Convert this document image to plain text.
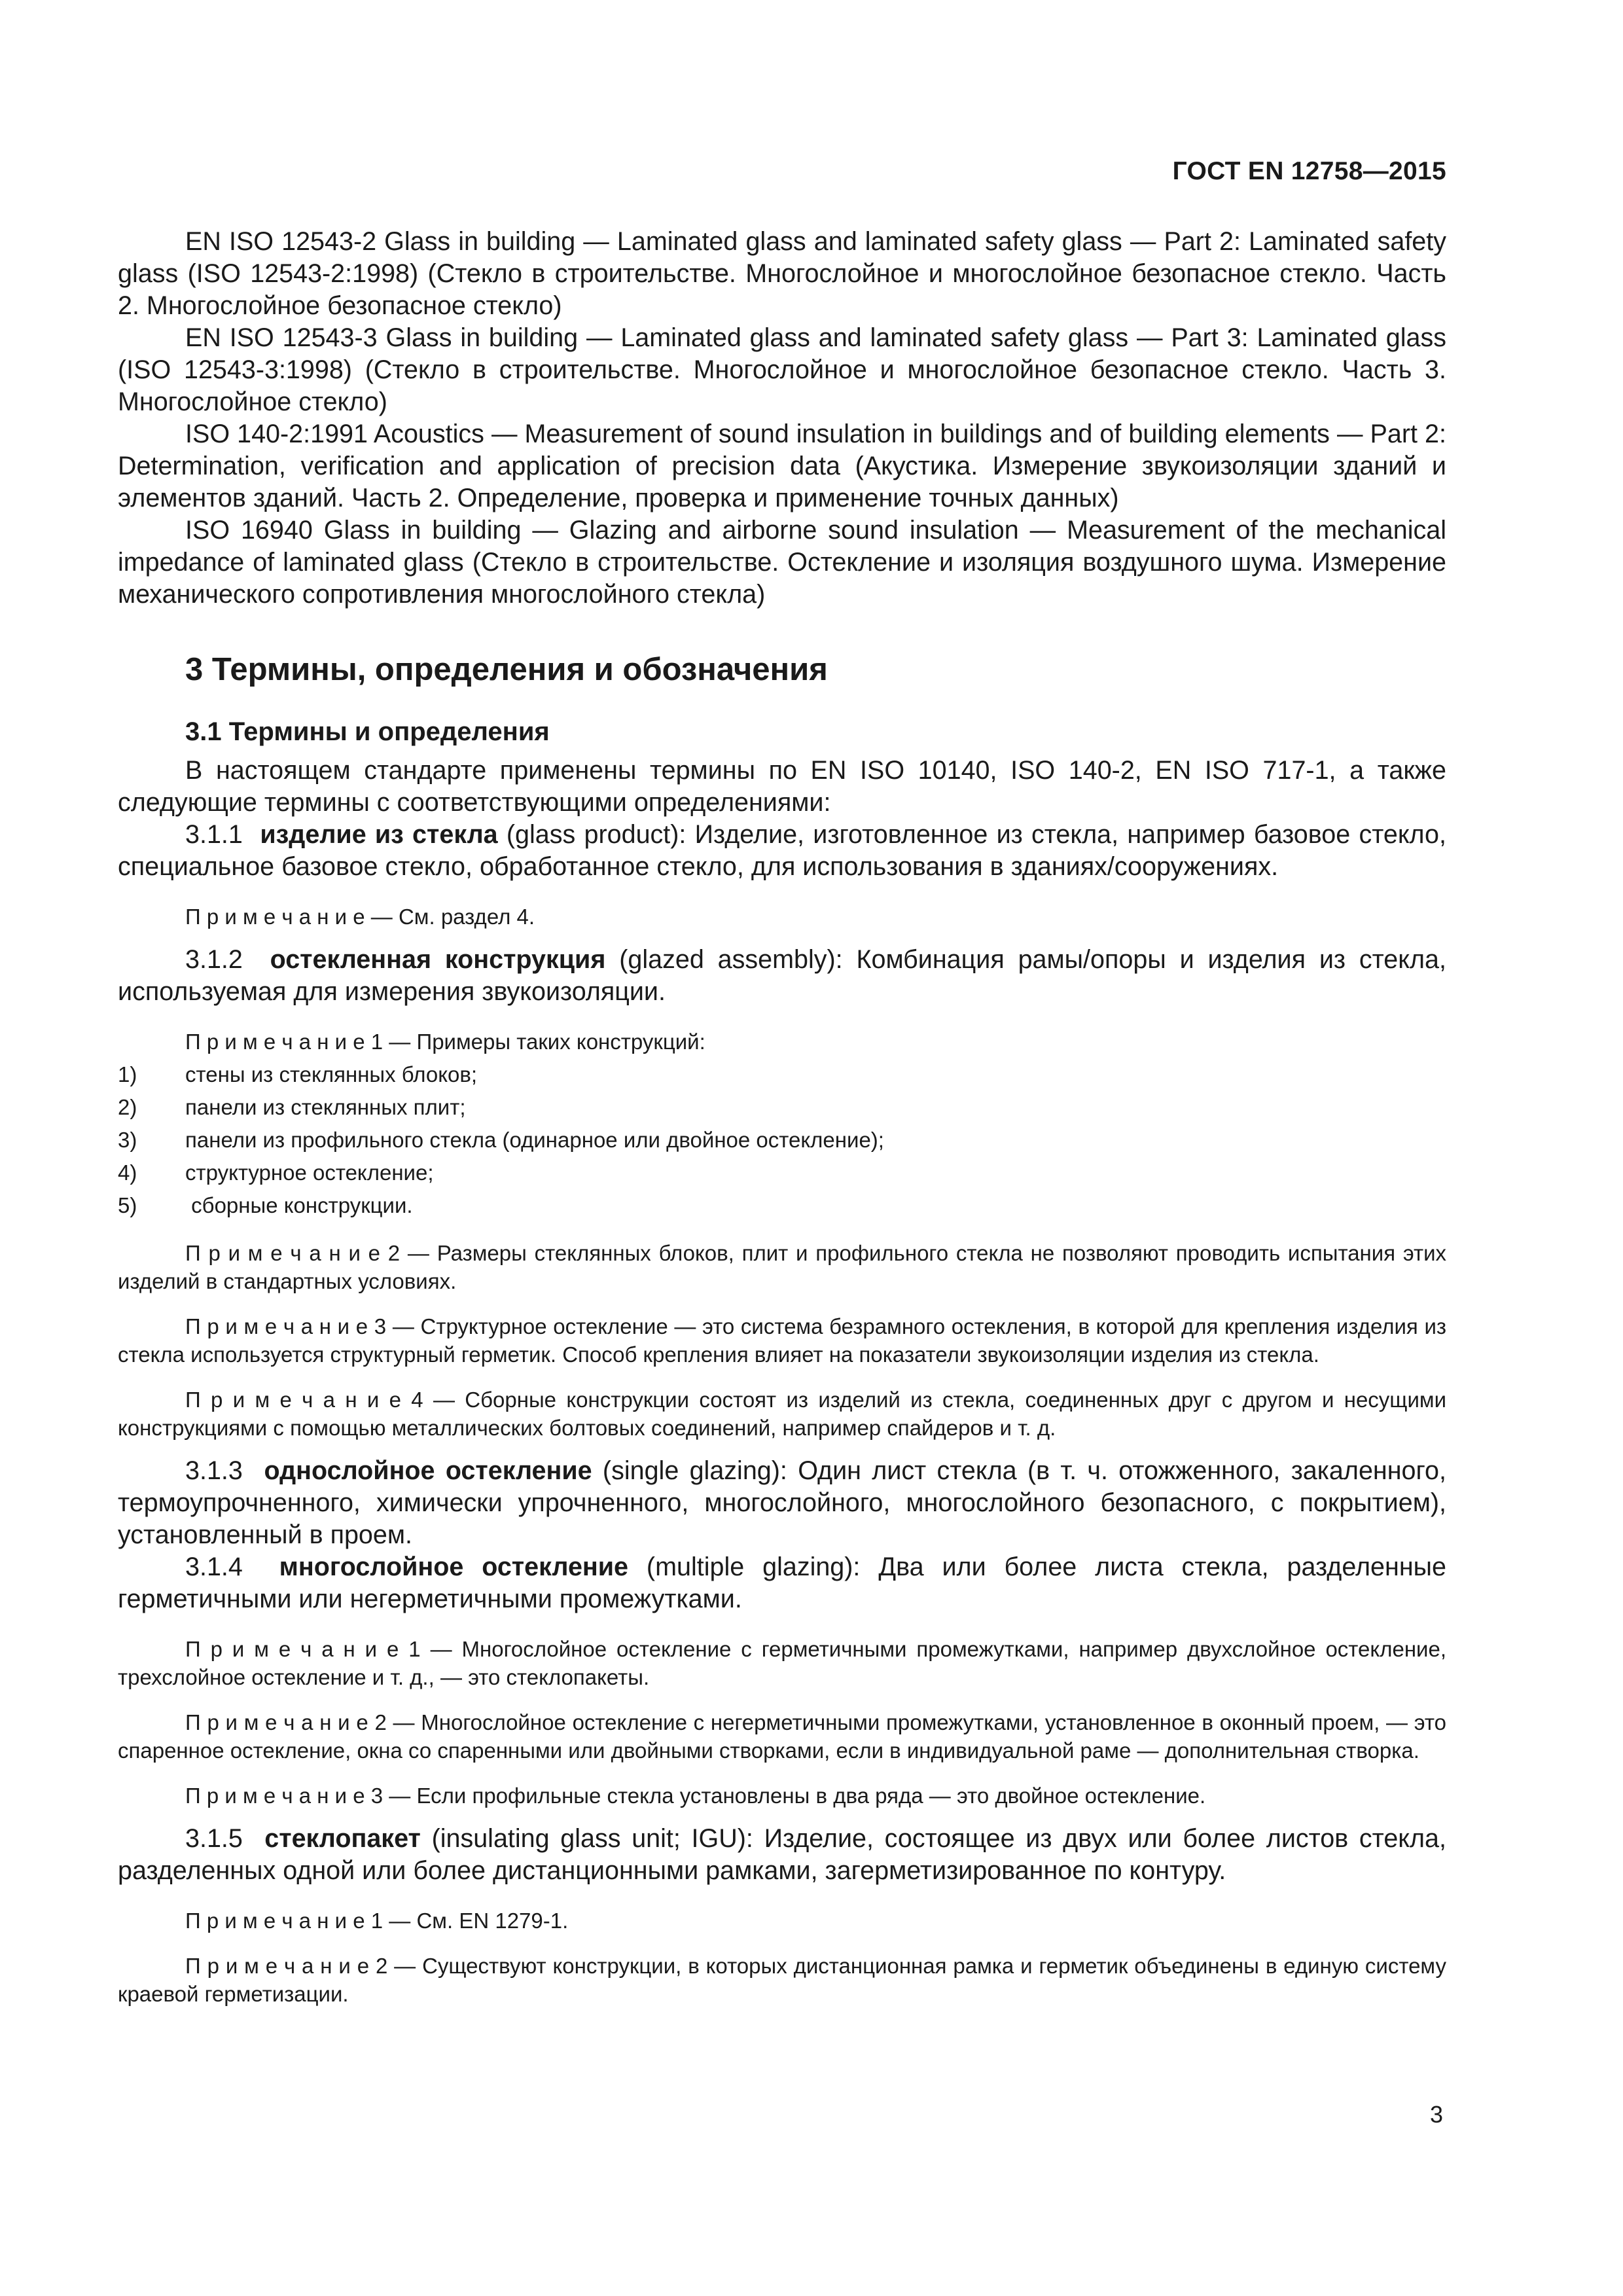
ГОСТ EN 12758—2015

EN ISO 12543-2 Glass in building — Laminated glass and laminated safety glass — Part 2: Laminated safety glass (ISO 12543-2:1998) (Стекло в строительстве. Многослойное и многослойное безопасное стекло. Часть 2. Многослойное безопасное стекло)

EN ISO 12543-3 Glass in building — Laminated glass and laminated safety glass — Part 3: Laminated glass (ISO 12543-3:1998) (Стекло в строительстве. Многослойное и многослойное безопасное стекло. Часть 3. Многослойное стекло)

ISO 140-2:1991 Acoustics — Measurement of sound insulation in buildings and of building elements — Part 2: Determination, verification and application of precision data (Акустика. Измерение звукоизоляции зданий и элементов зданий. Часть 2. Определение, проверка и применение точных данных)

ISO 16940 Glass in building — Glazing and airborne sound insulation — Measurement of the mechanical impedance of laminated glass (Стекло в строительстве. Остекление и изоляция воздушного шума. Измерение механического сопротивления многослойного стекла)

3 Термины, определения и обозначения
3.1 Термины и определения

В настоящем стандарте применены термины по EN ISO 10140, ISO 140-2, EN ISO 717-1, а также следующие термины с соответствующими определениями:

3.1.1 изделие из стекла (glass product): Изделие, изготовленное из стекла, например базовое стекло, специальное базовое стекло, обработанное стекло, для использования в зданиях/сооружениях.

П р и м е ч а н и е — См. раздел 4.

3.1.2 остекленная конструкция (glazed assembly): Комбинация рамы/опоры и изделия из стекла, используемая для измерения звукоизоляции.

П р и м е ч а н и е 1 — Примеры таких конструкций:

1) стены из стеклянных блоков;

2) панели из стеклянных плит;

3) панели из профильного стекла (одинарное или двойное остекление);

4) структурное остекление;

5) сборные конструкции.

П р и м е ч а н и е 2 — Размеры стеклянных блоков, плит и профильного стекла не позволяют проводить испытания этих изделий в стандартных условиях.

П р и м е ч а н и е 3 — Структурное остекление — это система безрамного остекления, в которой для крепления изделия из стекла используется структурный герметик. Способ крепления влияет на показатели звукоизоляции изделия из стекла.

П р и м е ч а н и е 4 — Сборные конструкции состоят из изделий из стекла, соединенных друг с другом и несущими конструкциями с помощью металлических болтовых соединений, например спайдеров и т. д.

3.1.3 однослойное остекление (single glazing): Один лист стекла (в т. ч. отожженного, закаленного, термоупрочненного, химически упрочненного, многослойного, многослойного безопасного, с покрытием), установленный в проем.

3.1.4 многослойное остекление (multiple glazing): Два или более листа стекла, разделенные герметичными или негерметичными промежутками.

П р и м е ч а н и е 1 — Многослойное остекление с герметичными промежутками, например двухслойное остекление, трехслойное остекление и т. д., — это стеклопакеты.

П р и м е ч а н и е 2 — Многослойное остекление с негерметичными промежутками, установленное в оконный проем, — это спаренное остекление, окна со спаренными или двойными створками, если в индивидуальной раме — дополнительная створка.

П р и м е ч а н и е 3 — Если профильные стекла установлены в два ряда — это двойное остекление.

3.1.5 стеклопакет (insulating glass unit; IGU): Изделие, состоящее из двух или более листов стекла, разделенных одной или более дистанционными рамками, загерметизированное по контуру.

П р и м е ч а н и е 1 — См. EN 1279-1.

П р и м е ч а н и е 2 — Существуют конструкции, в которых дистанционная рамка и герметик объединены в единую систему краевой герметизации.

3
